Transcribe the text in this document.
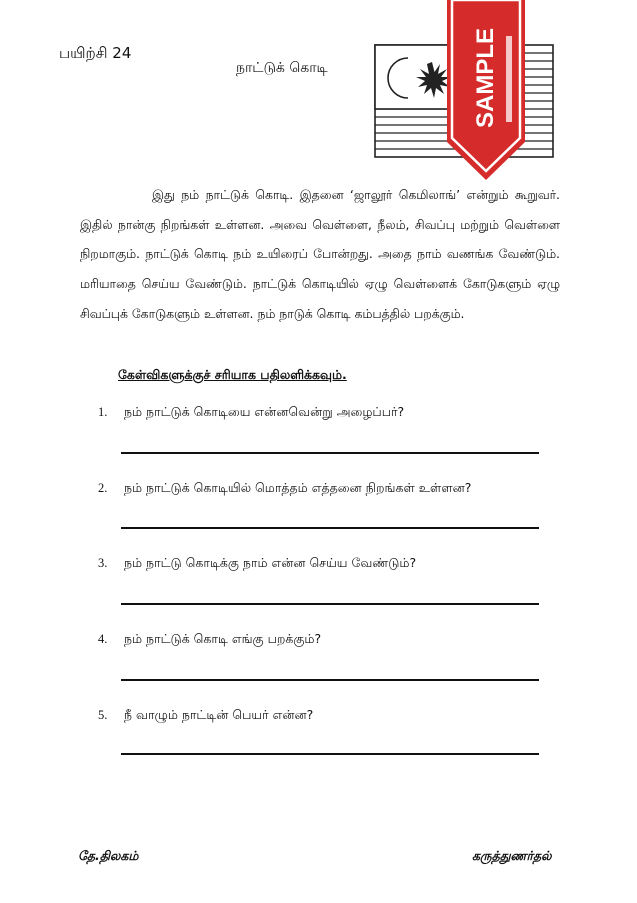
பயிற்சி 24
நாட்டுக் கொடி	SAMPLE

இது நம் நாட்டுக் கொடி. இதனை ‘ஜாலூர் கெமிலாங்’ என்றும் கூறுவர். இதில் நான்கு நிறங்கள் உள்ளன. அவை வெள்ளை, நீலம், சிவப்பு மற்றும் வெள்ளை நிறமாகும். நாட்டுக் கொடி நம் உயிரைப் போன்றது. அதை நாம் வணங்க வேண்டும். மரியாதை செய்ய வேண்டும். நாட்டுக் கொடியில் ஏழு வெள்ளைக் கோடுகளும் ஏழு சிவப்புக் கோடுகளும் உள்ளன. நம் நாடுக் கொடி கம்பத்தில் பறக்கும்.

கேள்விகளுக்குச் சரியாக பதிலளிக்கவும்.
1. நம் நாட்டுக் கொடியை என்னவென்று அழைப்பர்?
2. நம் நாட்டுக் கொடியில் மொத்தம் எத்தனை நிறங்கள் உள்ளன?
3. நம் நாட்டு கொடிக்கு நாம் என்ன செய்ய வேண்டும்?
4. நம் நாட்டுக் கொடி எங்கு பறக்கும்?
5. நீ வாழும் நாட்டின் பெயர் என்ன?
தே.திலகம்	கருத்துணர்தல்
